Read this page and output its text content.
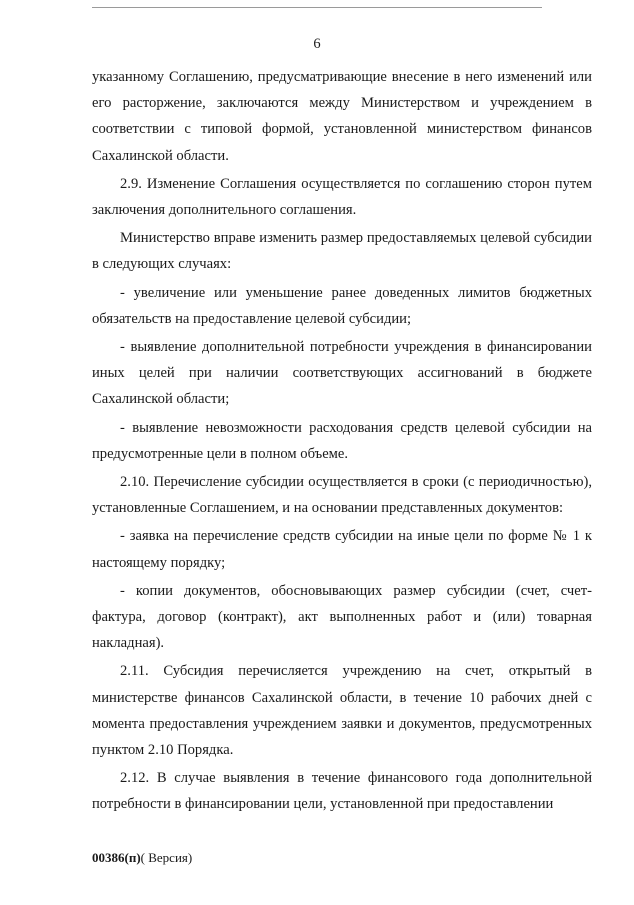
6

указанному Соглашению, предусматривающие внесение в него изменений или его расторжение, заключаются между Министерством и учреждением в соответствии с типовой формой, установленной министерством финансов Сахалинской области.

2.9. Изменение Соглашения осуществляется по соглашению сторон путем заключения дополнительного соглашения.

Министерство вправе изменить размер предоставляемых целевой субсидии в следующих случаях:

- увеличение или уменьшение ранее доведенных лимитов бюджетных обязательств на предоставление целевой субсидии;

- выявление дополнительной потребности учреждения в финансировании иных целей при наличии соответствующих ассигнований в бюджете Сахалинской области;

- выявление невозможности расходования средств целевой субсидии на предусмотренные цели в полном объеме.

2.10. Перечисление субсидии осуществляется в сроки (с периодичностью), установленные Соглашением, и на основании представленных документов:

- заявка на перечисление средств субсидии на иные цели по форме № 1 к настоящему порядку;

- копии документов, обосновывающих размер субсидии (счет, счет-фактура, договор (контракт), акт выполненных работ и (или) товарная накладная).

2.11. Субсидия перечисляется учреждению на счет, открытый в министерстве финансов Сахалинской области, в течение 10 рабочих дней с момента предоставления учреждением заявки и документов, предусмотренных пунктом 2.10 Порядка.

2.12. В случае выявления в течение финансового года дополнительной потребности в финансировании цели, установленной при предоставлении

00386(п)( Версия)
